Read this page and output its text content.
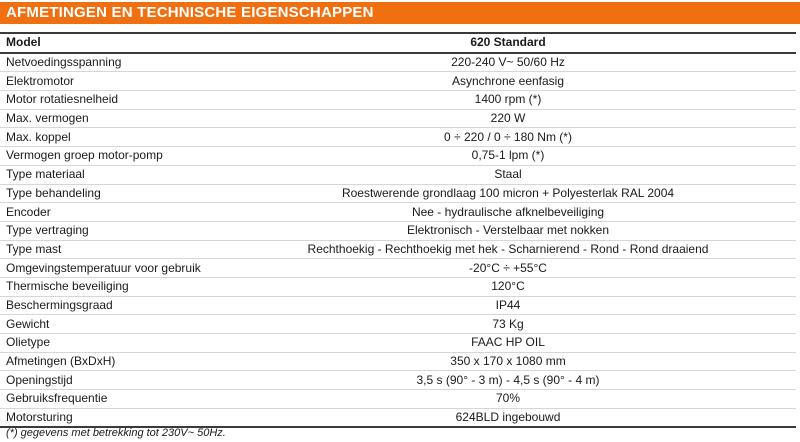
AFMETINGEN EN TECHNISCHE EIGENSCHAPPEN
Model	620 Standard
Netvoedingsspanning	220-240 V~ 50/60 Hz
Elektromotor	Asynchrone eenfasig
Motor rotatiesnelheid	1400 rpm (*)
Max. vermogen	220 W
Max. koppel	0 ÷ 220 / 0 ÷ 180 Nm (*)
Vermogen groep motor-pomp	0,75-1 lpm (*)
Type materiaal	Staal
Type behandeling	Roestwerende grondlaag 100 micron + Polyesterlak RAL 2004
Encoder	Nee - hydraulische afknelbeveiliging
Type vertraging	Elektronisch - Verstelbaar met nokken
Type mast	Rechthoekig - Rechthoekig met hek - Scharnierend - Rond - Rond draaiend
Omgevingstemperatuur voor gebruik	-20°C ÷ +55°C
Thermische beveiliging	120°C
Beschermingsgraad	IP44
Gewicht	73 Kg
Olietype	FAAC HP OIL
Afmetingen (BxDxH)	350 x 170 x 1080 mm
Openingstijd	3,5 s (90° - 3 m) - 4,5 s (90° - 4 m)
Gebruiksfrequentie	70%
Motorsturing	624BLD ingebouwd
(*) gegevens met betrekking tot 230V~ 50Hz.
